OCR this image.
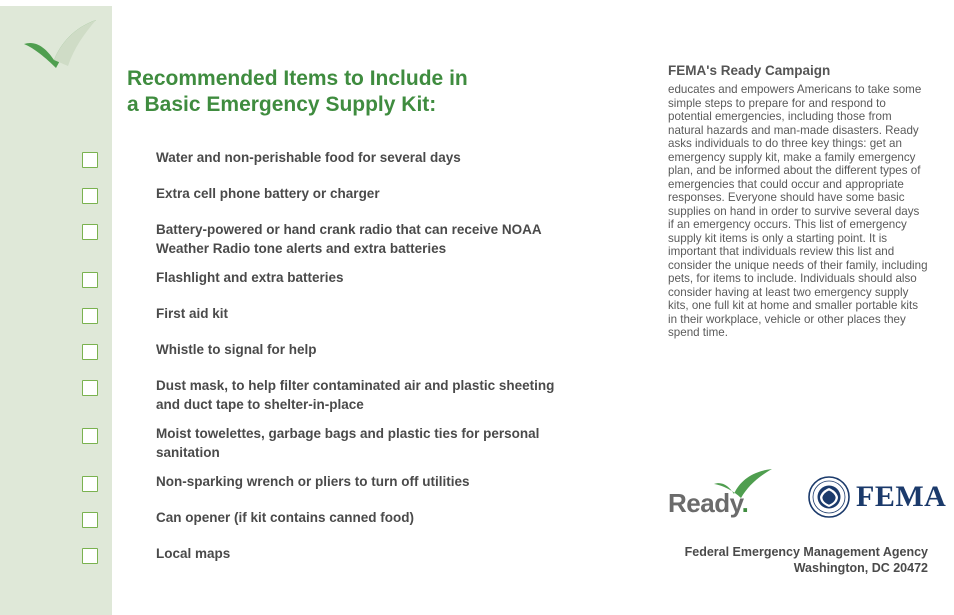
Recommended Items to Include in
a Basic Emergency Supply Kit:
Water and non-perishable food for several days
Extra cell phone battery or charger
Battery-powered or hand crank radio that can receive NOAA Weather Radio tone alerts and extra batteries
Flashlight and extra batteries
First aid kit
Whistle to signal for help
Dust mask, to help filter contaminated air and plastic sheeting and duct tape to shelter-in-place
Moist towelettes, garbage bags and plastic ties for personal sanitation
Non-sparking wrench or pliers to turn off utilities
Can opener (if kit contains canned food)
Local maps
FEMA's Ready Campaign
educates and empowers Americans to take some simple steps to prepare for and respond to potential emergencies, including those from natural hazards and man-made disasters. Ready asks individuals to do three key things: get an emergency supply kit, make a family emergency plan, and be informed about the different types of emergencies that could occur and appropriate responses. Everyone should have some basic supplies on hand in order to survive several days if an emergency occurs. This list of emergency supply kit items is only a starting point. It is important that individuals review this list and consider the unique needs of their family, including pets, for items to include. Individuals should also consider having at least two emergency supply kits, one full kit at home and smaller portable kits in their workplace, vehicle or other places they spend time.
Ready.	FEMA
Federal Emergency Management Agency
Washington, DC 20472
